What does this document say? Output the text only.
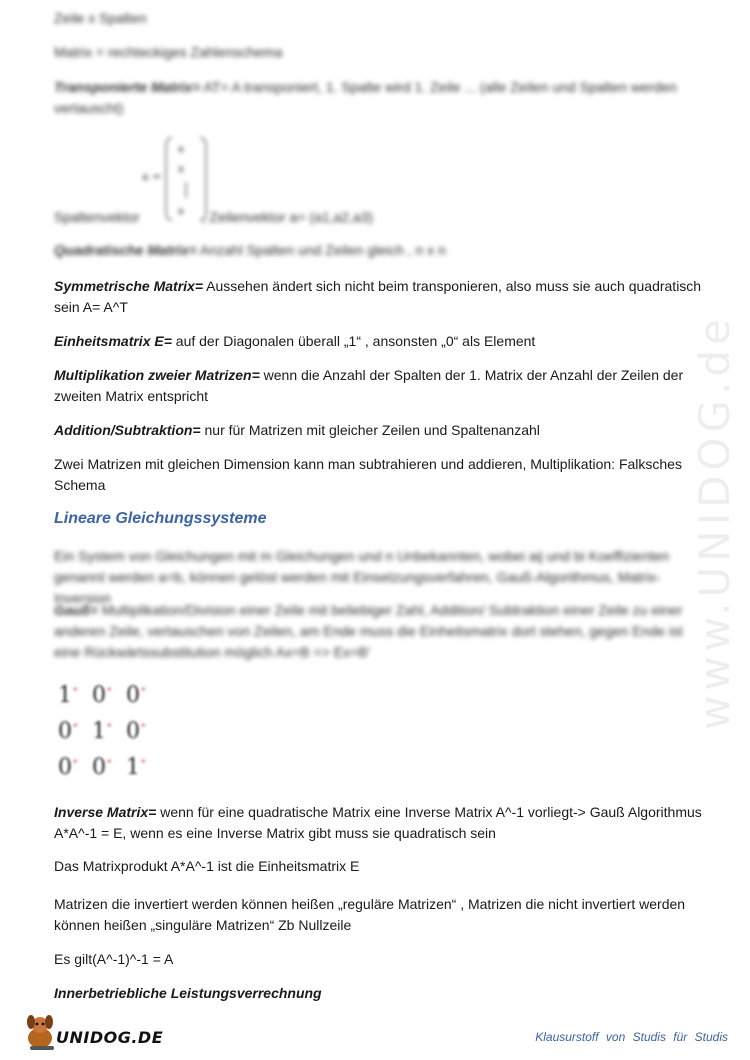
www.UNIDOG.de

Zeile x Spalten

Matrix = rechteckiges Zahlenschema

Transponierte Matrix= AT= A transponiert, 1. Spalte wird 1. Zeile ... (alle Zeilen und Spalten werden vertauscht)

a =
a
a
a

Spaltenvektor	, Zeilenvektor a= (a1,a2,a3)

Quadratische Matrix= Anzahl Spalten und Zeilen gleich , n x n

Symmetrische Matrix= Aussehen ändert sich nicht beim transponieren, also muss sie auch quadratisch sein A= A^T

Einheitsmatrix E= auf der Diagonalen überall „1“ , ansonsten „0“ als Element

Multiplikation zweier Matrizen= wenn die Anzahl der Spalten der 1. Matrix der Anzahl der Zeilen der zweiten Matrix entspricht

Addition/Subtraktion= nur für Matrizen mit gleicher Zeilen und Spaltenanzahl

Zwei Matrizen mit gleichen Dimension kann man subtrahieren und addieren, Multiplikation: Falksches Schema

Lineare Gleichungssysteme

Ein System von Gleichungen mit m Gleichungen und n Unbekannten, wobei aij und bi Koeffizienten genannt werden a=b, können gelöst werden mit Einsetzungsverfahren, Gauß-Algorithmus, Matrix-Inversion

Gauß= Multiplikation/Division einer Zeile mit beliebiger Zahl, Addition/ Subtraktion einer Zeile zu einer anderen Zeile, vertauschen von Zeilen, am Ende muss die Einheitsmatrix dort stehen, gegen Ende ist eine Rückwärtssubstitution möglich Ax=B => Ex=B'

1* 0* 0*
0* 1* 0*
0* 0* 1*

Inverse Matrix= wenn für eine quadratische Matrix eine Inverse Matrix A^-1 vorliegt-> Gauß Algorithmus A*A^-1 = E, wenn es eine Inverse Matrix gibt muss sie quadratisch sein

Das Matrixprodukt A*A^-1 ist die Einheitsmatrix E

Matrizen die invertiert werden können heißen „reguläre Matrizen“ , Matrizen die nicht invertiert werden können heißen „singuläre Matrizen“ Zb Nullzeile

Es gilt(A^-1)^-1 = A

Innerbetriebliche Leistungsverrechnung

UNIDOG.DE	Klausurstoff von Studis für Studis
